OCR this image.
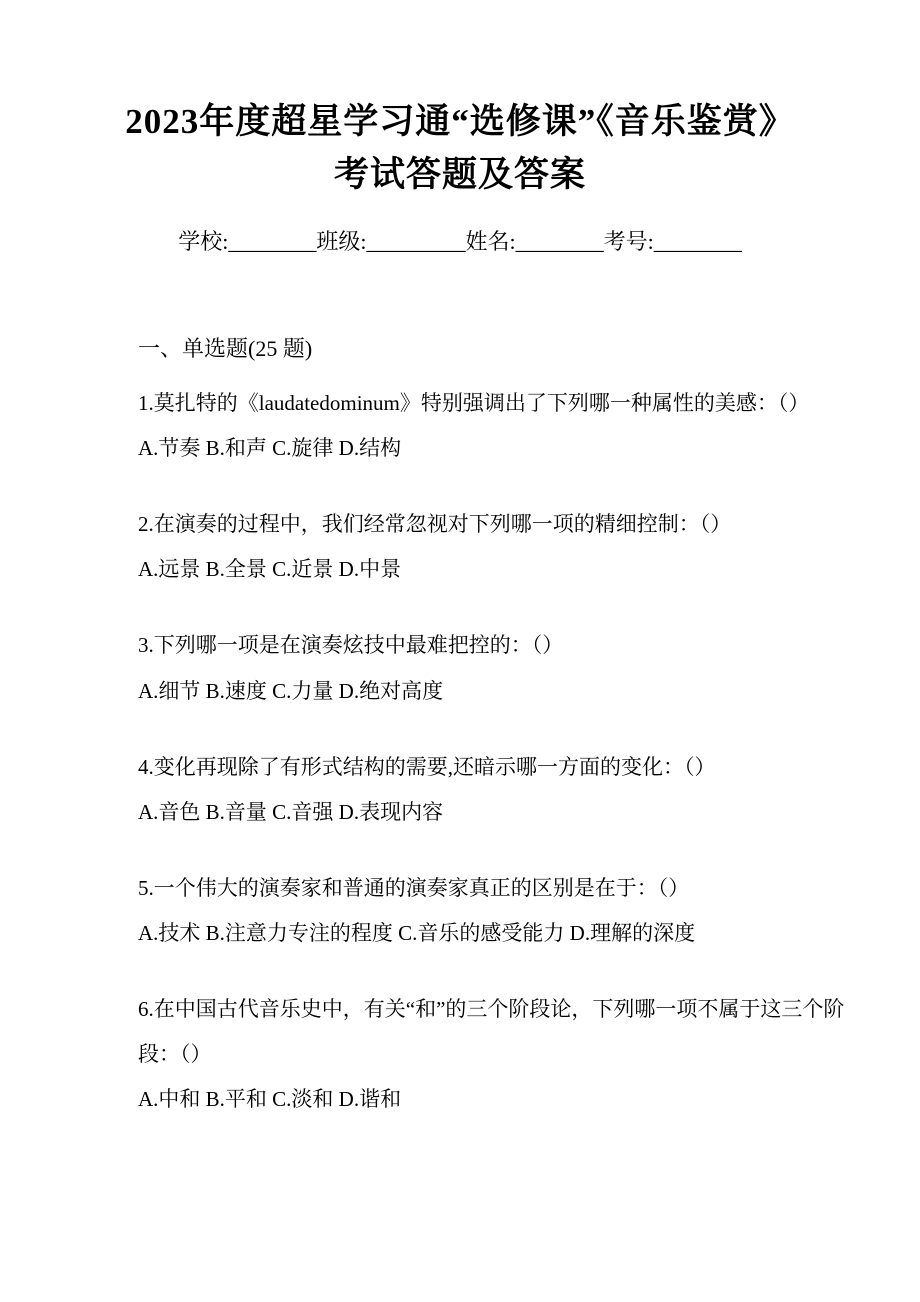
2023年度超星学习通“选修课”《音乐鉴赏》
考试答题及答案
学校:________班级:_________姓名:________考号:________
一、单选题(25 题)
1.莫扎特的《laudatedominum》特别强调出了下列哪一种属性的美感：（）
A.节奏 B.和声 C.旋律 D.结构
2.在演奏的过程中，我们经常忽视对下列哪一项的精细控制：（）
A.远景 B.全景 C.近景 D.中景
3.下列哪一项是在演奏炫技中最难把控的：（）
A.细节 B.速度 C.力量 D.绝对高度
4.变化再现除了有形式结构的需要,还暗示哪一方面的变化：（）
A.音色 B.音量 C.音强 D.表现内容
5.一个伟大的演奏家和普通的演奏家真正的区别是在于：（）
A.技术 B.注意力专注的程度 C.音乐的感受能力 D.理解的深度
6.在中国古代音乐史中，有关“和”的三个阶段论，下列哪一项不属于这三个阶段：（）
A.中和 B.平和 C.淡和 D.谐和
